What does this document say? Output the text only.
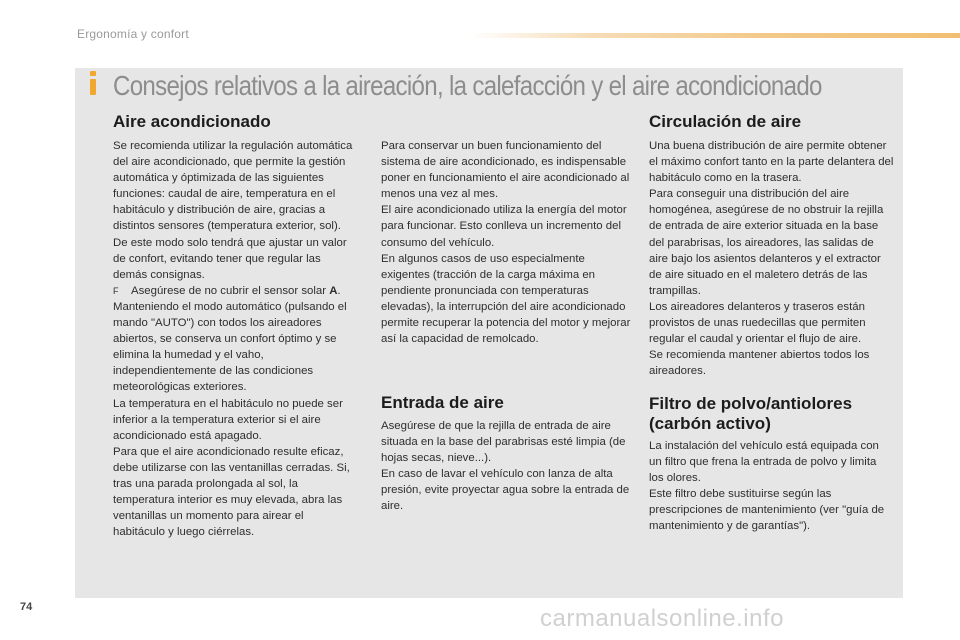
Ergonomía y confort
Consejos relativos a la aireación, la calefacción y el aire acondicionado
Aire acondicionado

Se recomienda utilizar la regulación automática del aire acondicionado, que permite la gestión automática y óptimizada de las siguientes funciones: caudal de aire, temperatura en el habitáculo y distribución de aire, gracias a distintos sensores (temperatura exterior, sol).

De este modo solo tendrá que ajustar un valor de confort, evitando tener que regular las demás consignas.

F Asegúrese de no cubrir el sensor solar A.

Manteniendo el modo automático (pulsando el mando "AUTO") con todos los aireadores abiertos, se conserva un confort óptimo y se elimina la humedad y el vaho, independientemente de las condiciones meteorológicas exteriores.

La temperatura en el habitáculo no puede ser inferior a la temperatura exterior si el aire acondicionado está apagado.

Para que el aire acondicionado resulte eficaz, debe utilizarse con las ventanillas cerradas. Si, tras una parada prolongada al sol, la temperatura interior es muy elevada, abra las ventanillas un momento para airear el habitáculo y luego ciérrelas.

Para conservar un buen funcionamiento del sistema de aire acondicionado, es indispensable poner en funcionamiento el aire acondicionado al menos una vez al mes.

El aire acondicionado utiliza la energía del motor para funcionar. Esto conlleva un incremento del consumo del vehículo.

En algunos casos de uso especialmente exigentes (tracción de la carga máxima en pendiente pronunciada con temperaturas elevadas), la interrupción del aire acondicionado permite recuperar la potencia del motor y mejorar así la capacidad de remolcado.

Entrada de aire

Asegúrese de que la rejilla de entrada de aire situada en la base del parabrisas esté limpia (de hojas secas, nieve...).

En caso de lavar el vehículo con lanza de alta presión, evite proyectar agua sobre la entrada de aire.

Circulación de aire

Una buena distribución de aire permite obtener el máximo confort tanto en la parte delantera del habitáculo como en la trasera.

Para conseguir una distribución del aire homogénea, asegúrese de no obstruir la rejilla de entrada de aire exterior situada en la base del parabrisas, los aireadores, las salidas de aire bajo los asientos delanteros y el extractor de aire situado en el maletero detrás de las trampillas.

Los aireadores delanteros y traseros están provistos de unas ruedecillas que permiten regular el caudal y orientar el flujo de aire.

Se recomienda mantener abiertos todos los aireadores.

Filtro de polvo/antiolores (carbón activo)

La instalación del vehículo está equipada con un filtro que frena la entrada de polvo y limita los olores.

Este filtro debe sustituirse según las prescripciones de mantenimiento (ver "guía de mantenimiento y de garantías").

74	carmanualsonline.info
